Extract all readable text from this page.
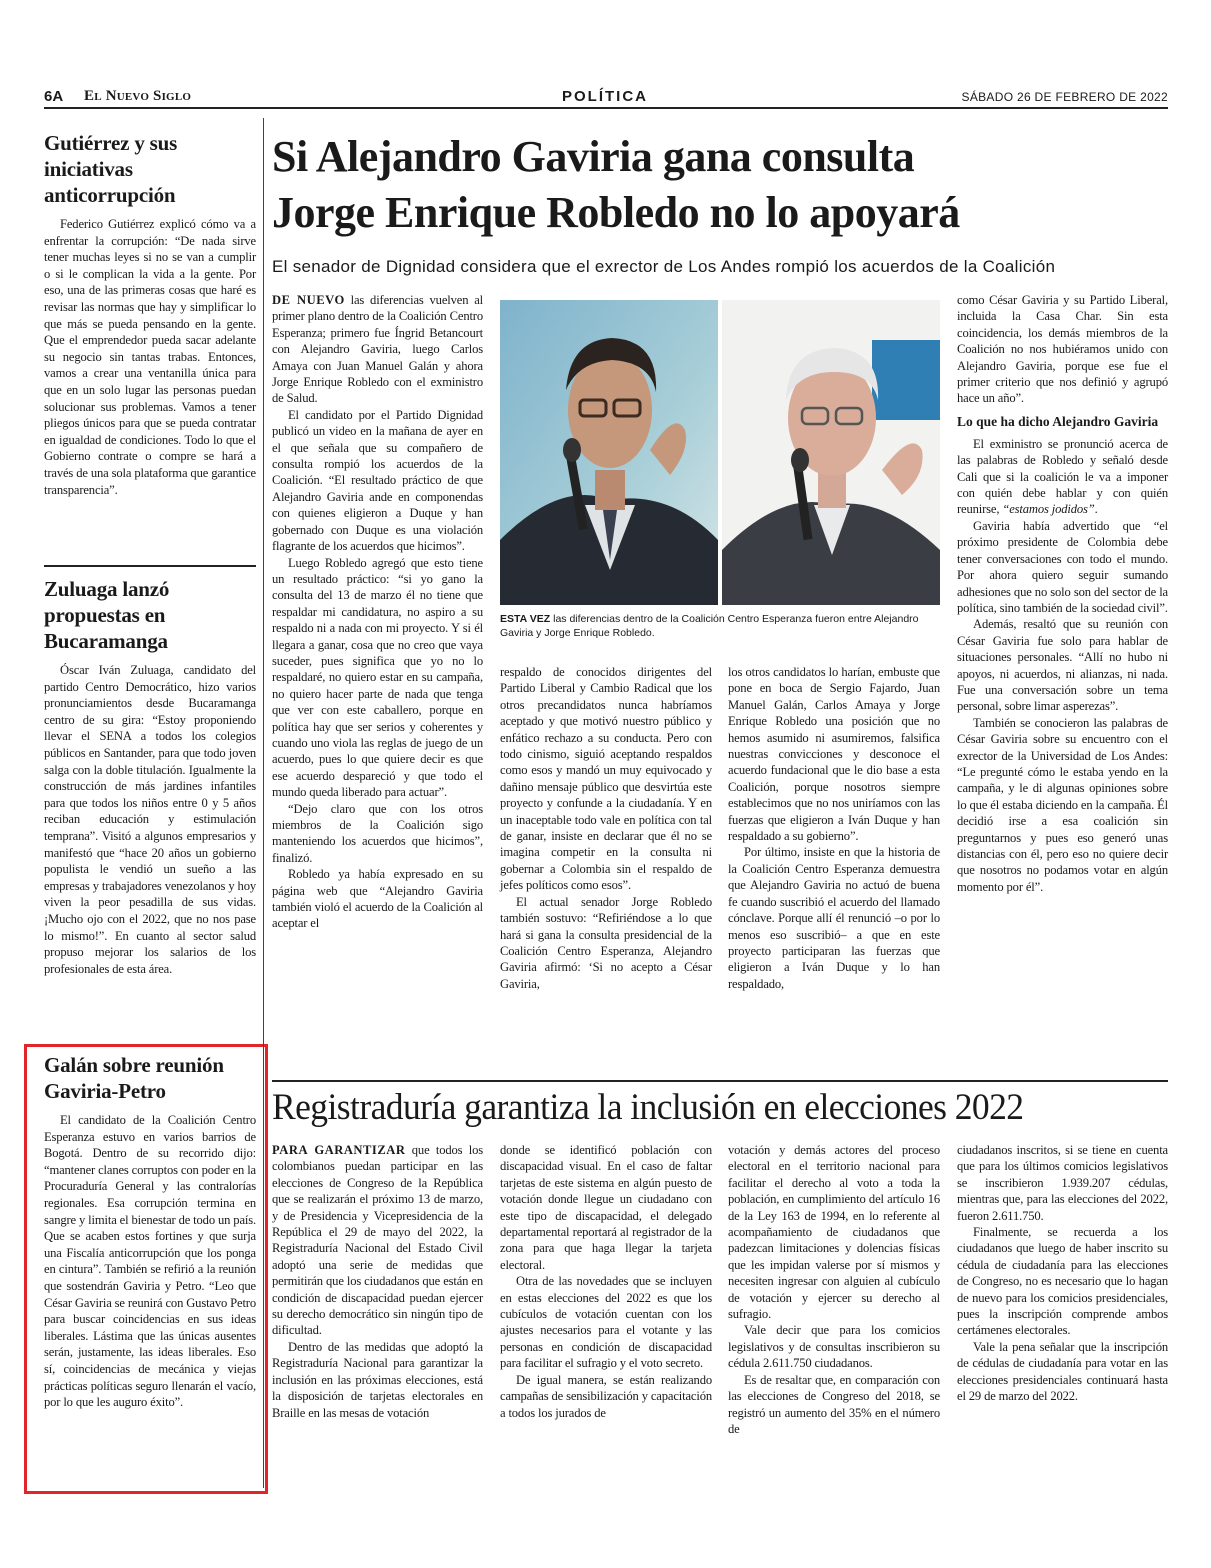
6A El Nuevo Siglo	POLÍTICA	SÁBADO 26 DE FEBRERO DE 2022
Gutiérrez y sus iniciativas anticorrupción

Federico Gutiérrez explicó cómo va a enfrentar la corrupción: “De nada sirve tener muchas leyes si no se van a cumplir o si le complican la vida a la gente. Por eso, una de las primeras cosas que haré es revisar las normas que hay y simplificar lo que más se pueda pensando en la gente. Que el emprendedor pueda sacar adelante su negocio sin tantas trabas. Entonces, vamos a crear una ventanilla única para que en un solo lugar las personas puedan solucionar sus problemas. Vamos a tener pliegos únicos para que se pueda contratar en igualdad de condiciones. Todo lo que el Gobierno contrate o compre se hará a través de una sola plataforma que garantice transparencia”.

Zuluaga lanzó propuestas en Bucaramanga

Óscar Iván Zuluaga, candidato del partido Centro Democrático, hizo varios pronunciamientos desde Bucaramanga centro de su gira: “Estoy proponiendo llevar el SENA a todos los colegios públicos en Santander, para que todo joven salga con la doble titulación. Igualmente la construcción de más jardines infantiles para que todos los niños entre 0 y 5 años reciban educación y estimulación temprana”. Visitó a algunos empresarios y manifestó que “hace 20 años un gobierno populista le vendió un sueño a las empresas y trabajadores venezolanos y hoy viven la peor pesadilla de sus vidas. ¡Mucho ojo con el 2022, que no nos pase lo mismo!”. En cuanto al sector salud propuso mejorar los salarios de los profesionales de esta área.

Galán sobre reunión Gaviria-Petro

El candidato de la Coalición Centro Esperanza estuvo en varios barrios de Bogotá. Dentro de su recorrido dijo: “mantener clanes corruptos con poder en la Procuraduría General y las contralorías regionales. Esa corrupción termina en sangre y limita el bienestar de todo un país. Que se acaben estos fortines y que surja una Fiscalía anticorrupción que los ponga en cintura”. También se refirió a la reunión que sostendrán Gaviria y Petro. “Leo que César Gaviria se reunirá con Gustavo Petro para buscar coincidencias en sus ideas liberales. Lástima que las únicas ausentes serán, justamente, las ideas liberales. Eso sí, coincidencias de mecánica y viejas prácticas políticas seguro llenarán el vacío, por lo que les auguro éxito”.

Si Alejandro Gaviria gana consulta
Jorge Enrique Robledo no lo apoyará
El senador de Dignidad considera que el exrector de Los Andes rompió los acuerdos de la Coalición

DE NUEVO las diferencias vuelven al primer plano dentro de la Coalición Centro Esperanza; primero fue Íngrid Betancourt con Alejandro Gaviria, luego Carlos Amaya con Juan Manuel Galán y ahora Jorge Enrique Robledo con el exministro de Salud.

El candidato por el Partido Dignidad publicó un video en la mañana de ayer en el que señala que su compañero de consulta rompió los acuerdos de la Coalición. “El resultado práctico de que Alejandro Gaviria ande en componendas con quienes eligieron a Duque y han gobernado con Duque es una violación flagrante de los acuerdos que hicimos”.

Luego Robledo agregó que esto tiene un resultado práctico: “si yo gano la consulta del 13 de marzo él no tiene que respaldar mi candidatura, no aspiro a su respaldo ni a nada con mi proyecto. Y si él llegara a ganar, cosa que no creo que vaya suceder, pues significa que yo no lo respaldaré, no quiero estar en su campaña, no quiero hacer parte de nada que tenga que ver con este caballero, porque en política hay que ser serios y coherentes y cuando uno viola las reglas de juego de un acuerdo, pues lo que quiere decir es que ese acuerdo despareció y que todo el mundo queda liberado para actuar”.

“Dejo claro que con los otros miembros de la Coalición sigo manteniendo los acuerdos que hicimos”, finalizó.

Robledo ya había expresado en su página web que “Alejandro Gaviria también violó el acuerdo de la Coalición al aceptar el

ESTA VEZ las diferencias dentro de la Coalición Centro Esperanza fueron entre Alejandro Gaviria y Jorge Enrique Robledo.

respaldo de conocidos dirigentes del Partido Liberal y Cambio Radical que los otros precandidatos nunca habríamos aceptado y que motivó nuestro público y enfático rechazo a su conducta. Pero con todo cinismo, siguió aceptando respaldos como esos y mandó un muy equivocado y dañino mensaje público que desvirtúa este proyecto y confunde a la ciudadanía. Y en un inaceptable todo vale en política con tal de ganar, insiste en declarar que él no se imagina competir en la consulta ni gobernar a Colombia sin el respaldo de jefes políticos como esos”.

El actual senador Jorge Robledo también sostuvo: “Refiriéndose a lo que hará si gana la consulta presidencial de la Coalición Centro Esperanza, Alejandro Gaviria afirmó: ‘Si no acepto a César Gaviria,

los otros candidatos lo harían, embuste que pone en boca de Sergio Fajardo, Juan Manuel Galán, Carlos Amaya y Jorge Enrique Robledo una posición que no hemos asumido ni asumiremos, falsifica nuestras convicciones y desconoce el acuerdo fundacional que le dio base a esta Coalición, porque nosotros siempre establecimos que no nos uniríamos con las fuerzas que eligieron a Iván Duque y han respaldado a su gobierno”.

Por último, insiste en que la historia de la Coalición Centro Esperanza demuestra que Alejandro Gaviria no actuó de buena fe cuando suscribió el acuerdo del llamado cónclave. Porque allí él renunció –o por lo menos eso suscribió– a que en este proyecto participaran las fuerzas que eligieron a Iván Duque y lo han respaldado,

como César Gaviria y su Partido Liberal, incluida la Casa Char. Sin esta coincidencia, los demás miembros de la Coalición no nos hubiéramos unido con Alejandro Gaviria, porque ese fue el primer criterio que nos definió y agrupó hace un año”.

Lo que ha dicho Alejandro Gaviria

El exministro se pronunció acerca de las palabras de Robledo y señaló desde Cali que si la coalición le va a imponer con quién debe hablar y con quién reunirse, “estamos jodidos”.

Gaviria había advertido que “el próximo presidente de Colombia debe tener conversaciones con todo el mundo. Por ahora quiero seguir sumando adhesiones que no solo son del sector de la política, sino también de la sociedad civil”.

Además, resaltó que su reunión con César Gaviria fue solo para hablar de situaciones personales. “Allí no hubo ni apoyos, ni acuerdos, ni alianzas, ni nada. Fue una conversación sobre un tema personal, sobre limar asperezas”.

También se conocieron las palabras de César Gaviria sobre su encuentro con el exrector de la Universidad de Los Andes: “Le pregunté cómo le estaba yendo en la campaña, y le di algunas opiniones sobre lo que él estaba diciendo en la campaña. Él decidió irse a esa coalición sin preguntarnos y pues eso generó unas distancias con él, pero eso no quiere decir que nosotros no podamos votar en algún momento por él”.

Registraduría garantiza la inclusión en elecciones 2022

PARA GARANTIZAR que todos los colombianos puedan participar en las elecciones de Congreso de la República que se realizarán el próximo 13 de marzo, y de Presidencia y Vicepresidencia de la República el 29 de mayo del 2022, la Registraduría Nacional del Estado Civil adoptó una serie de medidas que permitirán que los ciudadanos que están en condición de discapacidad puedan ejercer su derecho democrático sin ningún tipo de dificultad.

Dentro de las medidas que adoptó la Registraduría Nacional para garantizar la inclusión en las próximas elecciones, está la disposición de tarjetas electorales en Braille en las mesas de votación

donde se identificó población con discapacidad visual. En el caso de faltar tarjetas de este sistema en algún puesto de votación donde llegue un ciudadano con este tipo de discapacidad, el delegado departamental reportará al registrador de la zona para que haga llegar la tarjeta electoral.

Otra de las novedades que se incluyen en estas elecciones del 2022 es que los cubículos de votación cuentan con los ajustes necesarios para el votante y las personas en condición de discapacidad para facilitar el sufragio y el voto secreto.

De igual manera, se están realizando campañas de sensibilización y capacitación a todos los jurados de

votación y demás actores del proceso electoral en el territorio nacional para facilitar el derecho al voto a toda la población, en cumplimiento del artículo 16 de la Ley 163 de 1994, en lo referente al acompañamiento de ciudadanos que padezcan limitaciones y dolencias físicas que les impidan valerse por sí mismos y necesiten ingresar con alguien al cubículo de votación y ejercer su derecho al sufragio.

Vale decir que para los comicios legislativos y de consultas inscribieron su cédula 2.611.750 ciudadanos.

Es de resaltar que, en comparación con las elecciones de Congreso del 2018, se registró un aumento del 35% en el número de

ciudadanos inscritos, si se tiene en cuenta que para los últimos comicios legislativos se inscribieron 1.939.207 cédulas, mientras que, para las elecciones del 2022, fueron 2.611.750.

Finalmente, se recuerda a los ciudadanos que luego de haber inscrito su cédula de ciudadanía para las elecciones de Congreso, no es necesario que lo hagan de nuevo para los comicios presidenciales, pues la inscripción comprende ambos certámenes electorales.

Vale la pena señalar que la inscripción de cédulas de ciudadanía para votar en las elecciones presidenciales continuará hasta el 29 de marzo del 2022.
